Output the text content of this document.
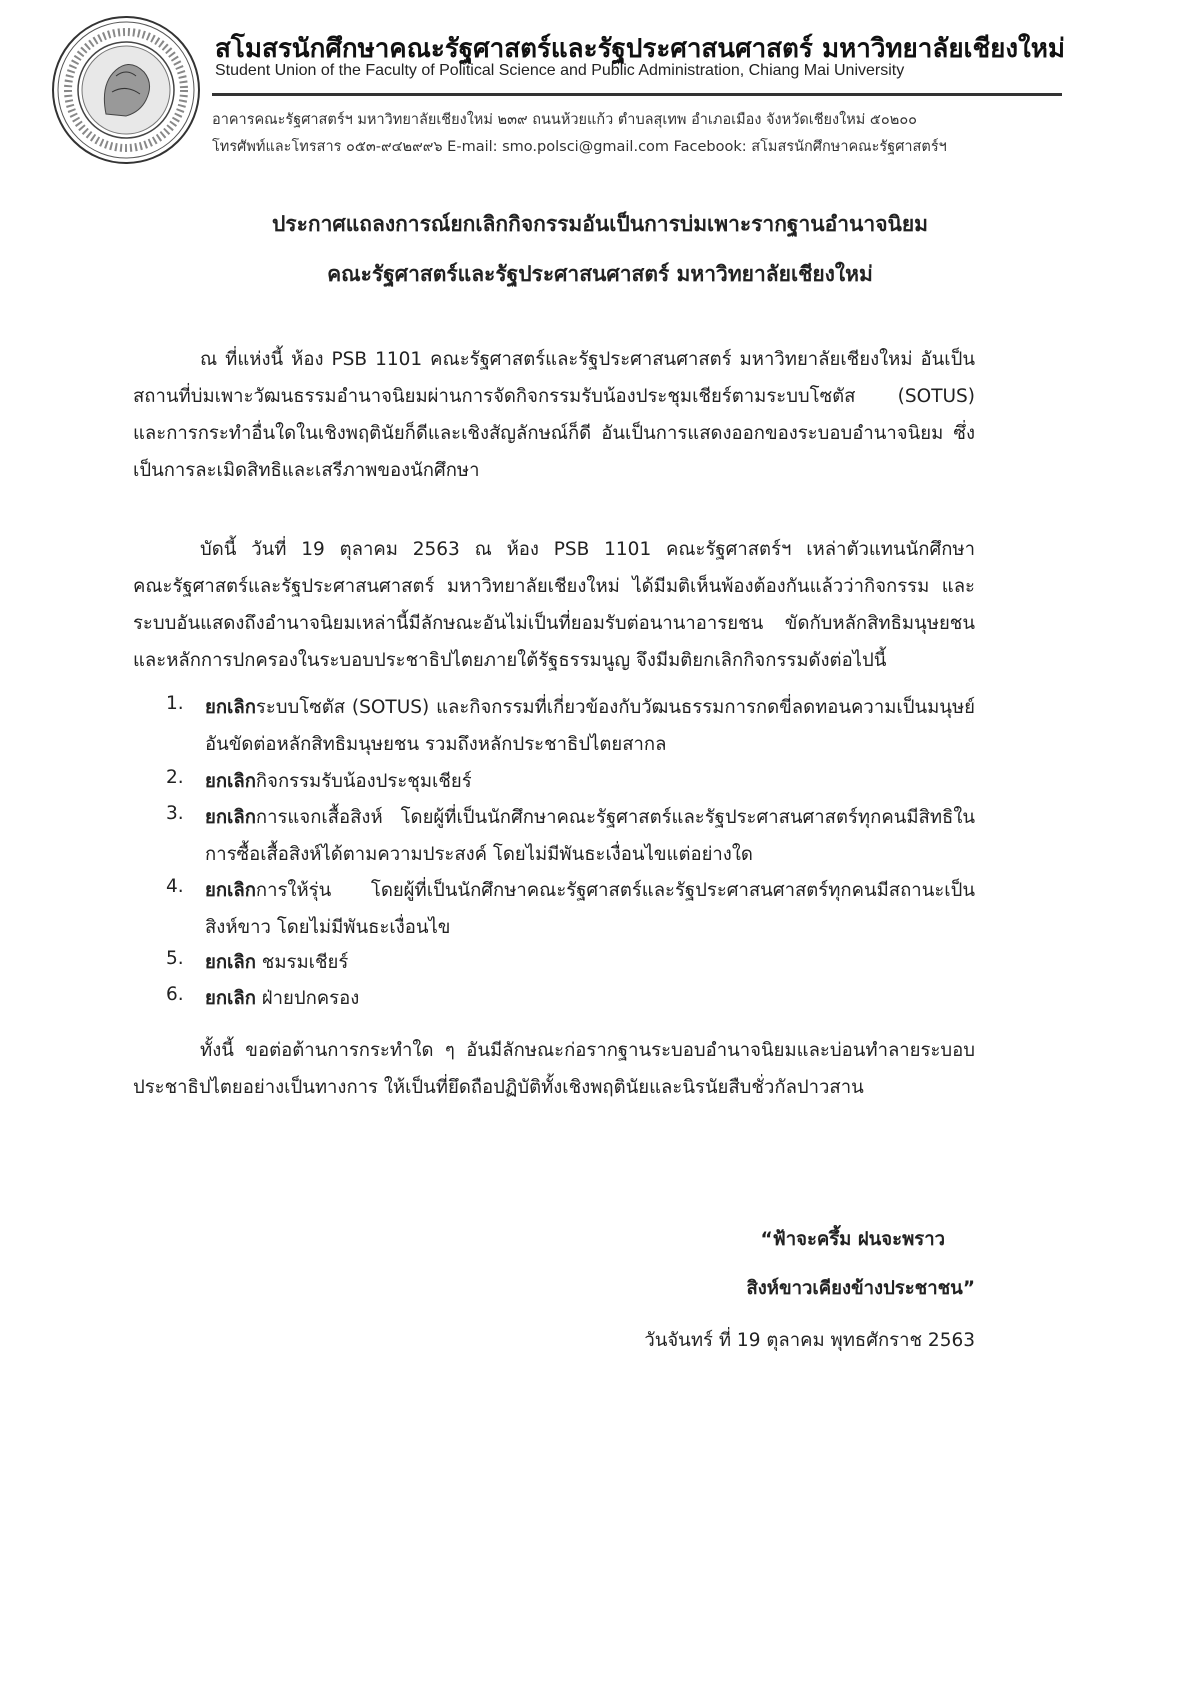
สโมสรนักศึกษาคณะรัฐศาสตร์และรัฐประศาสนศาสตร์ มหาวิทยาลัยเชียงใหม่
Student Union of the Faculty of Political Science and Public Administration, Chiang Mai University
อาคารคณะรัฐศาสตร์ฯ มหาวิทยาลัยเชียงใหม่ ๒๓๙ ถนนห้วยแก้ว ตำบลสุเทพ อำเภอเมือง จังหวัดเชียงใหม่ ๕๐๒๐๐
โทรศัพท์และโทรสาร ๐๕๓-๙๔๒๙๙๖ E-mail: smo.polsci@gmail.com Facebook: สโมสรนักศึกษาคณะรัฐศาสตร์ฯ
ประกาศแถลงการณ์ยกเลิกกิจกรรมอันเป็นการบ่มเพาะรากฐานอำนาจนิยม
คณะรัฐศาสตร์และรัฐประศาสนศาสตร์ มหาวิทยาลัยเชียงใหม่
ณ ที่แห่งนี้ ห้อง PSB 1101 คณะรัฐศาสตร์และรัฐประศาสนศาสตร์ มหาวิทยาลัยเชียงใหม่ อันเป็น
สถานที่บ่มเพาะวัฒนธรรมอำนาจนิยมผ่านการจัดกิจกรรมรับน้องประชุมเชียร์ตามระบบโซตัส (SOTUS)
และการกระทำอื่นใดในเชิงพฤตินัยก็ดีและเชิงสัญลักษณ์ก็ดี อันเป็นการแสดงออกของระบอบอำนาจนิยม ซึ่ง
เป็นการละเมิดสิทธิและเสรีภาพของนักศึกษา
บัดนี้ วันที่ 19 ตุลาคม 2563 ณ ห้อง PSB 1101 คณะรัฐศาสตร์ฯ เหล่าตัวแทนนักศึกษา
คณะรัฐศาสตร์และรัฐประศาสนศาสตร์ มหาวิทยาลัยเชียงใหม่ ได้มีมติเห็นพ้องต้องกันแล้วว่ากิจกรรม และ
ระบบอันแสดงถึงอำนาจนิยมเหล่านี้มีลักษณะอันไม่เป็นที่ยอมรับต่อนานาอารยชน ขัดกับหลักสิทธิมนุษยชน
และหลักการปกครองในระบอบประชาธิปไตยภายใต้รัฐธรรมนูญ จึงมีมติยกเลิกกิจกรรมดังต่อไปนี้
1. ยกเลิกระบบโซตัส (SOTUS) และกิจกรรมที่เกี่ยวข้องกับวัฒนธรรมการกดขี่ลดทอนความเป็นมนุษย์
อันขัดต่อหลักสิทธิมนุษยชน รวมถึงหลักประชาธิปไตยสากล
2. ยกเลิกกิจกรรมรับน้องประชุมเชียร์
3. ยกเลิกการแจกเสื้อสิงห์ โดยผู้ที่เป็นนักศึกษาคณะรัฐศาสตร์และรัฐประศาสนศาสตร์ทุกคนมีสิทธิใน
การซื้อเสื้อสิงห์ได้ตามความประสงค์ โดยไม่มีพันธะเงื่อนไขแต่อย่างใด
4. ยกเลิกการให้รุ่น โดยผู้ที่เป็นนักศึกษาคณะรัฐศาสตร์และรัฐประศาสนศาสตร์ทุกคนมีสถานะเป็น
สิงห์ขาว โดยไม่มีพันธะเงื่อนไข
5. ยกเลิก ชมรมเชียร์
6. ยกเลิก ฝ่ายปกครอง
ทั้งนี้ ขอต่อต้านการกระทำใด ๆ อันมีลักษณะก่อรากฐานระบอบอำนาจนิยมและบ่อนทำลายระบอบ
ประชาธิปไตยอย่างเป็นทางการ ให้เป็นที่ยึดถือปฏิบัติทั้งเชิงพฤตินัยและนิรนัยสืบชั่วกัลปาวสาน
“ฟ้าจะครึ้ม ฝนจะพราว
สิงห์ขาวเคียงข้างประชาชน”
วันจันทร์ ที่ 19 ตุลาคม พุทธศักราช 2563
